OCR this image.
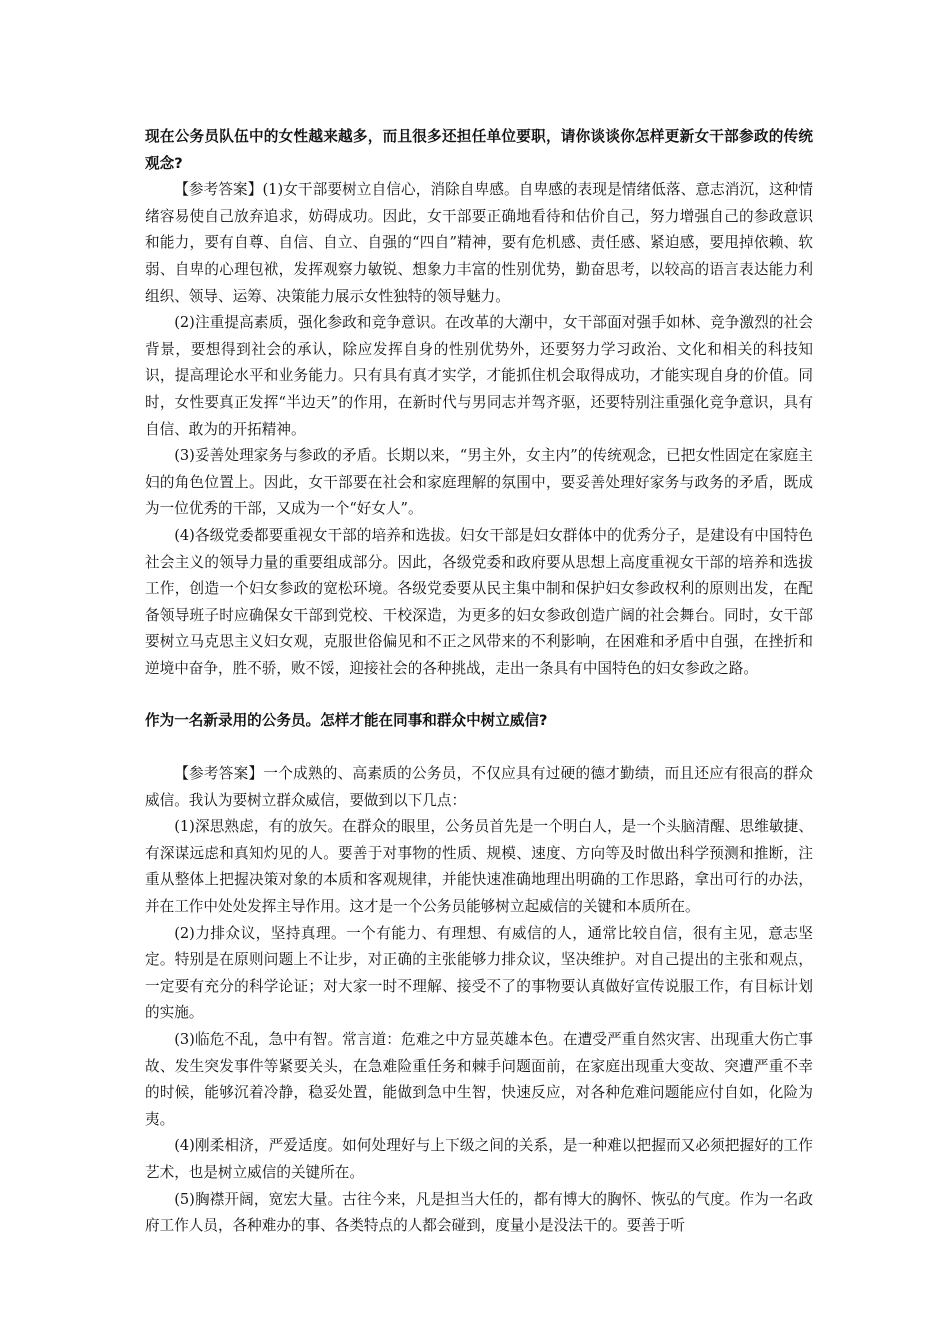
现在公务员队伍中的女性越来越多，而且很多还担任单位要职，请你谈谈你怎样更新女干部参政的传统观念?

【参考答案】(1)女干部要树立自信心，消除自卑感。自卑感的表现是情绪低落、意志消沉，这种情绪容易使自己放弃追求，妨碍成功。因此，女干部要正确地看待和估价自己，努力增强自己的参政意识和能力，要有自尊、自信、自立、自强的“四自”精神，要有危机感、责任感、紧迫感，要甩掉依赖、软弱、自卑的心理包袱，发挥观察力敏锐、想象力丰富的性别优势，勤奋思考，以较高的语言表达能力利组织、领导、运筹、决策能力展示女性独特的领导魅力。

(2)注重提高素质，强化参政和竞争意识。在改革的大潮中，女干部面对强手如林、竞争激烈的社会背景，要想得到社会的承认，除应发挥自身的性别优势外，还要努力学习政治、文化和相关的科技知识，提高理论水平和业务能力。只有具有真才实学，才能抓住机会取得成功，才能实现自身的价值。同时，女性要真正发挥“半边天”的作用，在新时代与男同志并驾齐驱，还要特别注重强化竞争意识，具有自信、敢为的开拓精神。

(3)妥善处理家务与参政的矛盾。长期以来，“男主外，女主内”的传统观念，已把女性固定在家庭主妇的角色位置上。因此，女干部要在社会和家庭理解的氛围中，要妥善处理好家务与政务的矛盾，既成为一位优秀的干部，又成为一个“好女人”。

(4)各级党委都要重视女干部的培养和选拔。妇女干部是妇女群体中的优秀分子，是建设有中国特色社会主义的领导力量的重要组成部分。因此，各级党委和政府要从思想上高度重视女干部的培养和选拔工作，创造一个妇女参政的宽松环境。各级党委要从民主集中制和保护妇女参政权利的原则出发，在配备领导班子时应确保女干部到党校、干校深造，为更多的妇女参政创造广阔的社会舞台。同时，女干部要树立马克思主义妇女观，克服世俗偏见和不正之风带来的不利影响，在困难和矛盾中自强，在挫折和逆境中奋争，胜不骄，败不馁，迎接社会的各种挑战，走出一条具有中国特色的妇女参政之路。

作为一名新录用的公务员。怎样才能在同事和群众中树立威信?

【参考答案】一个成熟的、高素质的公务员，不仅应具有过硬的德才勤绩，而且还应有很高的群众威信。我认为要树立群众威信，要做到以下几点：

(1)深思熟虑，有的放矢。在群众的眼里，公务员首先是一个明白人，是一个头脑清醒、思维敏捷、有深谋远虑和真知灼见的人。要善于对事物的性质、规模、速度、方向等及时做出科学预测和推断，注重从整体上把握决策对象的本质和客观规律，并能快速准确地理出明确的工作思路，拿出可行的办法，并在工作中处处发挥主导作用。这才是一个公务员能够树立起威信的关键和本质所在。

(2)力排众议，坚持真理。一个有能力、有理想、有威信的人，通常比较自信，很有主见，意志坚定。特别是在原则问题上不让步，对正确的主张能够力排众议，坚决维护。对自己提出的主张和观点，一定要有充分的科学论证；对大家一时不理解、接受不了的事物要认真做好宣传说服工作，有目标计划的实施。

(3)临危不乱，急中有智。常言道：危难之中方显英雄本色。在遭受严重自然灾害、出现重大伤亡事故、发生突发事件等紧要关头，在急难险重任务和棘手问题面前，在家庭出现重大变故、突遭严重不幸的时候，能够沉着冷静，稳妥处置，能做到急中生智，快速反应，对各种危难问题能应付自如，化险为夷。

(4)刚柔相济，严爱适度。如何处理好与上下级之间的关系，是一种难以把握而又必须把握好的工作艺术，也是树立威信的关键所在。

(5)胸襟开阔，宽宏大量。古往今来，凡是担当大任的，都有博大的胸怀、恢弘的气度。作为一名政府工作人员，各种难办的事、各类特点的人都会碰到，度量小是没法干的。要善于听
